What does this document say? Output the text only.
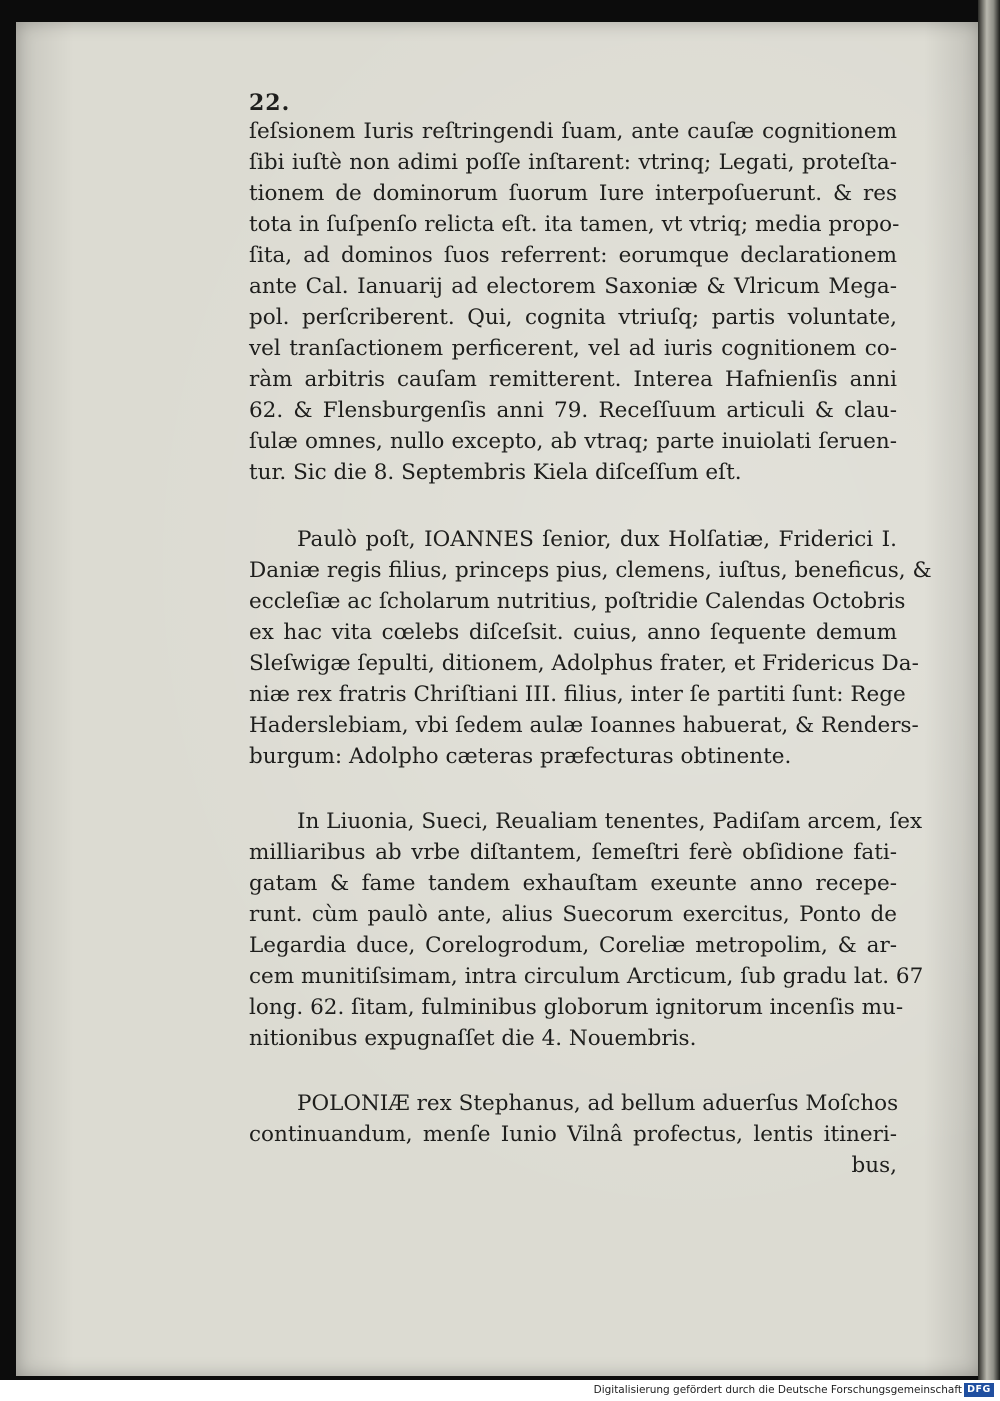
22.
ſeſsionem Iuris reſtringendi ſuam, ante cauſæ cognitionem
ſibi iuſtè non adimi poſſe inſtarent: vtrinq; Legati, proteſta-
tionem de dominorum ſuorum Iure interpoſuerunt. & res
tota in ſuſpenſo relicta eſt. ita tamen, vt vtriq; media propo-
ſita, ad dominos ſuos referrent: eorumque declarationem
ante Cal. Ianuarij ad electorem Saxoniæ & Vlricum Mega-
pol. perſcriberent. Qui, cognita vtriuſq; partis voluntate,
vel tranſactionem perficerent, vel ad iuris cognitionem co-
ràm arbitris cauſam remitterent. Interea Hafnienſis anni
62. & Flensburgenſis anni 79. Receſſuum articuli & clau-
ſulæ omnes, nullo excepto, ab vtraq; parte inuiolati ſeruen-
tur. Sic die 8. Septembris Kiela diſceſſum eſt.
Paulò poſt, IOANNES ſenior, dux Holſatiæ, Friderici I.
Daniæ regis filius, princeps pius, clemens, iuſtus, beneficus, &
eccleſiæ ac ſcholarum nutritius, poſtridie Calendas Octobris
ex hac vita cœlebs diſceſsit. cuius, anno ſequente demum
Sleſwigæ ſepulti, ditionem, Adolphus frater, et Fridericus Da-
niæ rex fratris Chriſtiani III. filius, inter ſe partiti ſunt: Rege
Haderslebiam, vbi ſedem aulæ Ioannes habuerat, & Renders-
burgum: Adolpho cæteras præfecturas obtinente.
In Liuonia, Sueci, Reualiam tenentes, Padiſam arcem, ſex
milliaribus ab vrbe diſtantem, ſemeſtri ferè obſidione fati-
gatam & fame tandem exhauſtam exeunte anno recepe-
runt. cùm paulò ante, alius Suecorum exercitus, Ponto de
Legardia duce, Corelogrodum, Coreliæ metropolim, & ar-
cem munitiſsimam, intra circulum Arcticum, ſub gradu lat. 67
long. 62. ſitam, fulminibus globorum ignitorum incenſis mu-
nitionibus expugnaſſet die 4. Nouembris.
POLONIÆ rex Stephanus, ad bellum aduerſus Moſchos
continuandum, menſe Iunio Vilnâ profectus, lentis itineri-
bus,
Digitalisierung gefördert durch die Deutsche Forschungsgemeinschaft DFG
